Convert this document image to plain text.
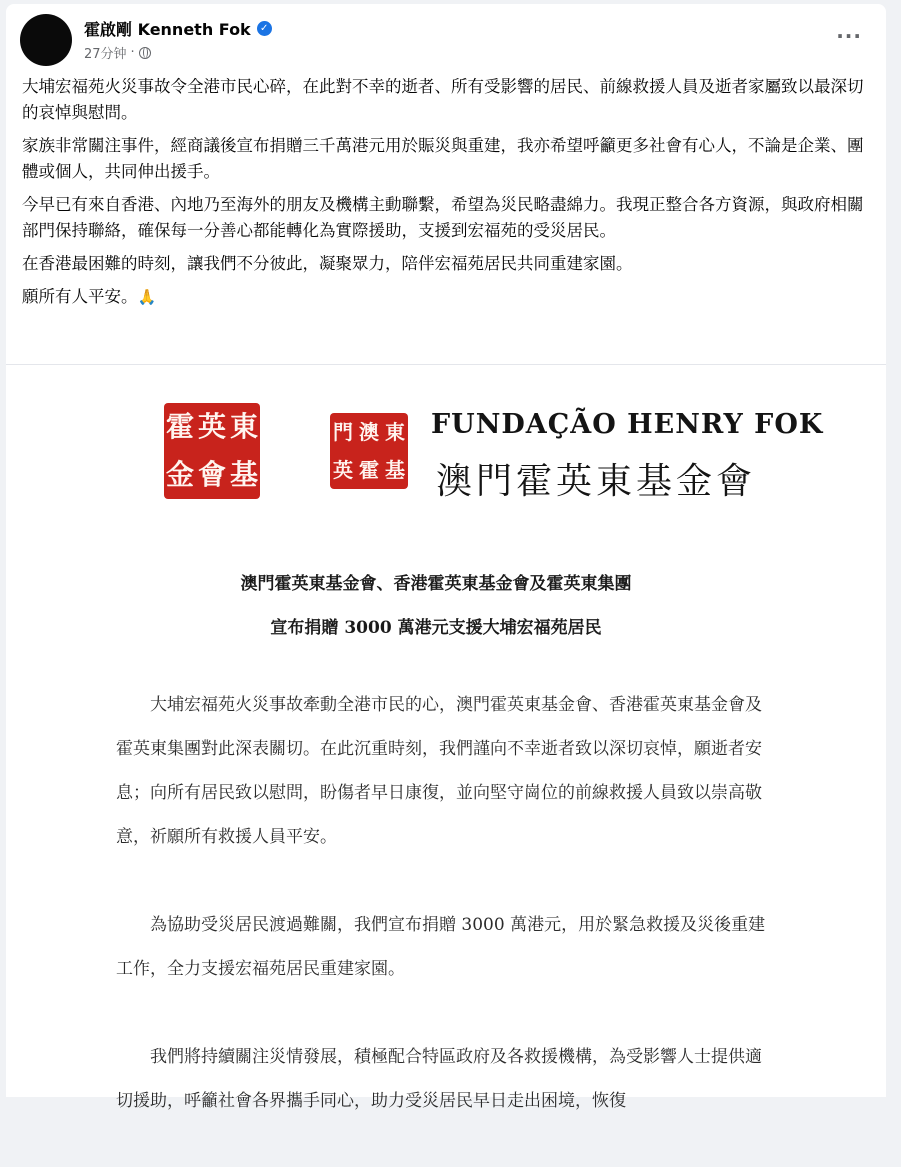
霍啟剛 Kenneth Fok ✓
27分钟 ·
···

大埔宏福苑火災事故令全港市民心碎，在此對不幸的逝者、所有受影響的居民、前線救援人員及逝者家屬致以最深切的哀悼與慰問。

家族非常關注事件，經商議後宣布捐贈三千萬港元用於賑災與重建，我亦希望呼籲更多社會有心人，不論是企業、團體或個人，共同伸出援手。

今早已有來自香港、內地乃至海外的朋友及機構主動聯繫，希望為災民略盡綿力。我現正整合各方資源，與政府相關部門保持聯絡，確保每一分善心都能轉化為實際援助，支援到宏福苑的受災居民。

在香港最困難的時刻，讓我們不分彼此，凝聚眾力，陪伴宏福苑居民共同重建家園。

願所有人平安。🙏

霍 英 東
金 會 基
門 澳 東
英 霍 基
FUNDAÇÃO HENRY FOK
澳門霍英東基金會
澳門霍英東基金會、香港霍英東基金會及霍英東集團
宣布捐贈 3000 萬港元支援大埔宏福苑居民

大埔宏福苑火災事故牽動全港市民的心，澳門霍英東基金會、香港霍英東基金會及霍英東集團對此深表關切。在此沉重時刻，我們謹向不幸逝者致以深切哀悼，願逝者安息；向所有居民致以慰問，盼傷者早日康復，並向堅守崗位的前線救援人員致以崇高敬意，祈願所有救援人員平安。

為協助受災居民渡過難關，我們宣布捐贈 3000 萬港元，用於緊急救援及災後重建工作，全力支援宏福苑居民重建家園。

我們將持續關注災情發展，積極配合特區政府及各救援機構，為受影響人士提供適切援助，呼籲社會各界攜手同心，助力受災居民早日走出困境，恢復
